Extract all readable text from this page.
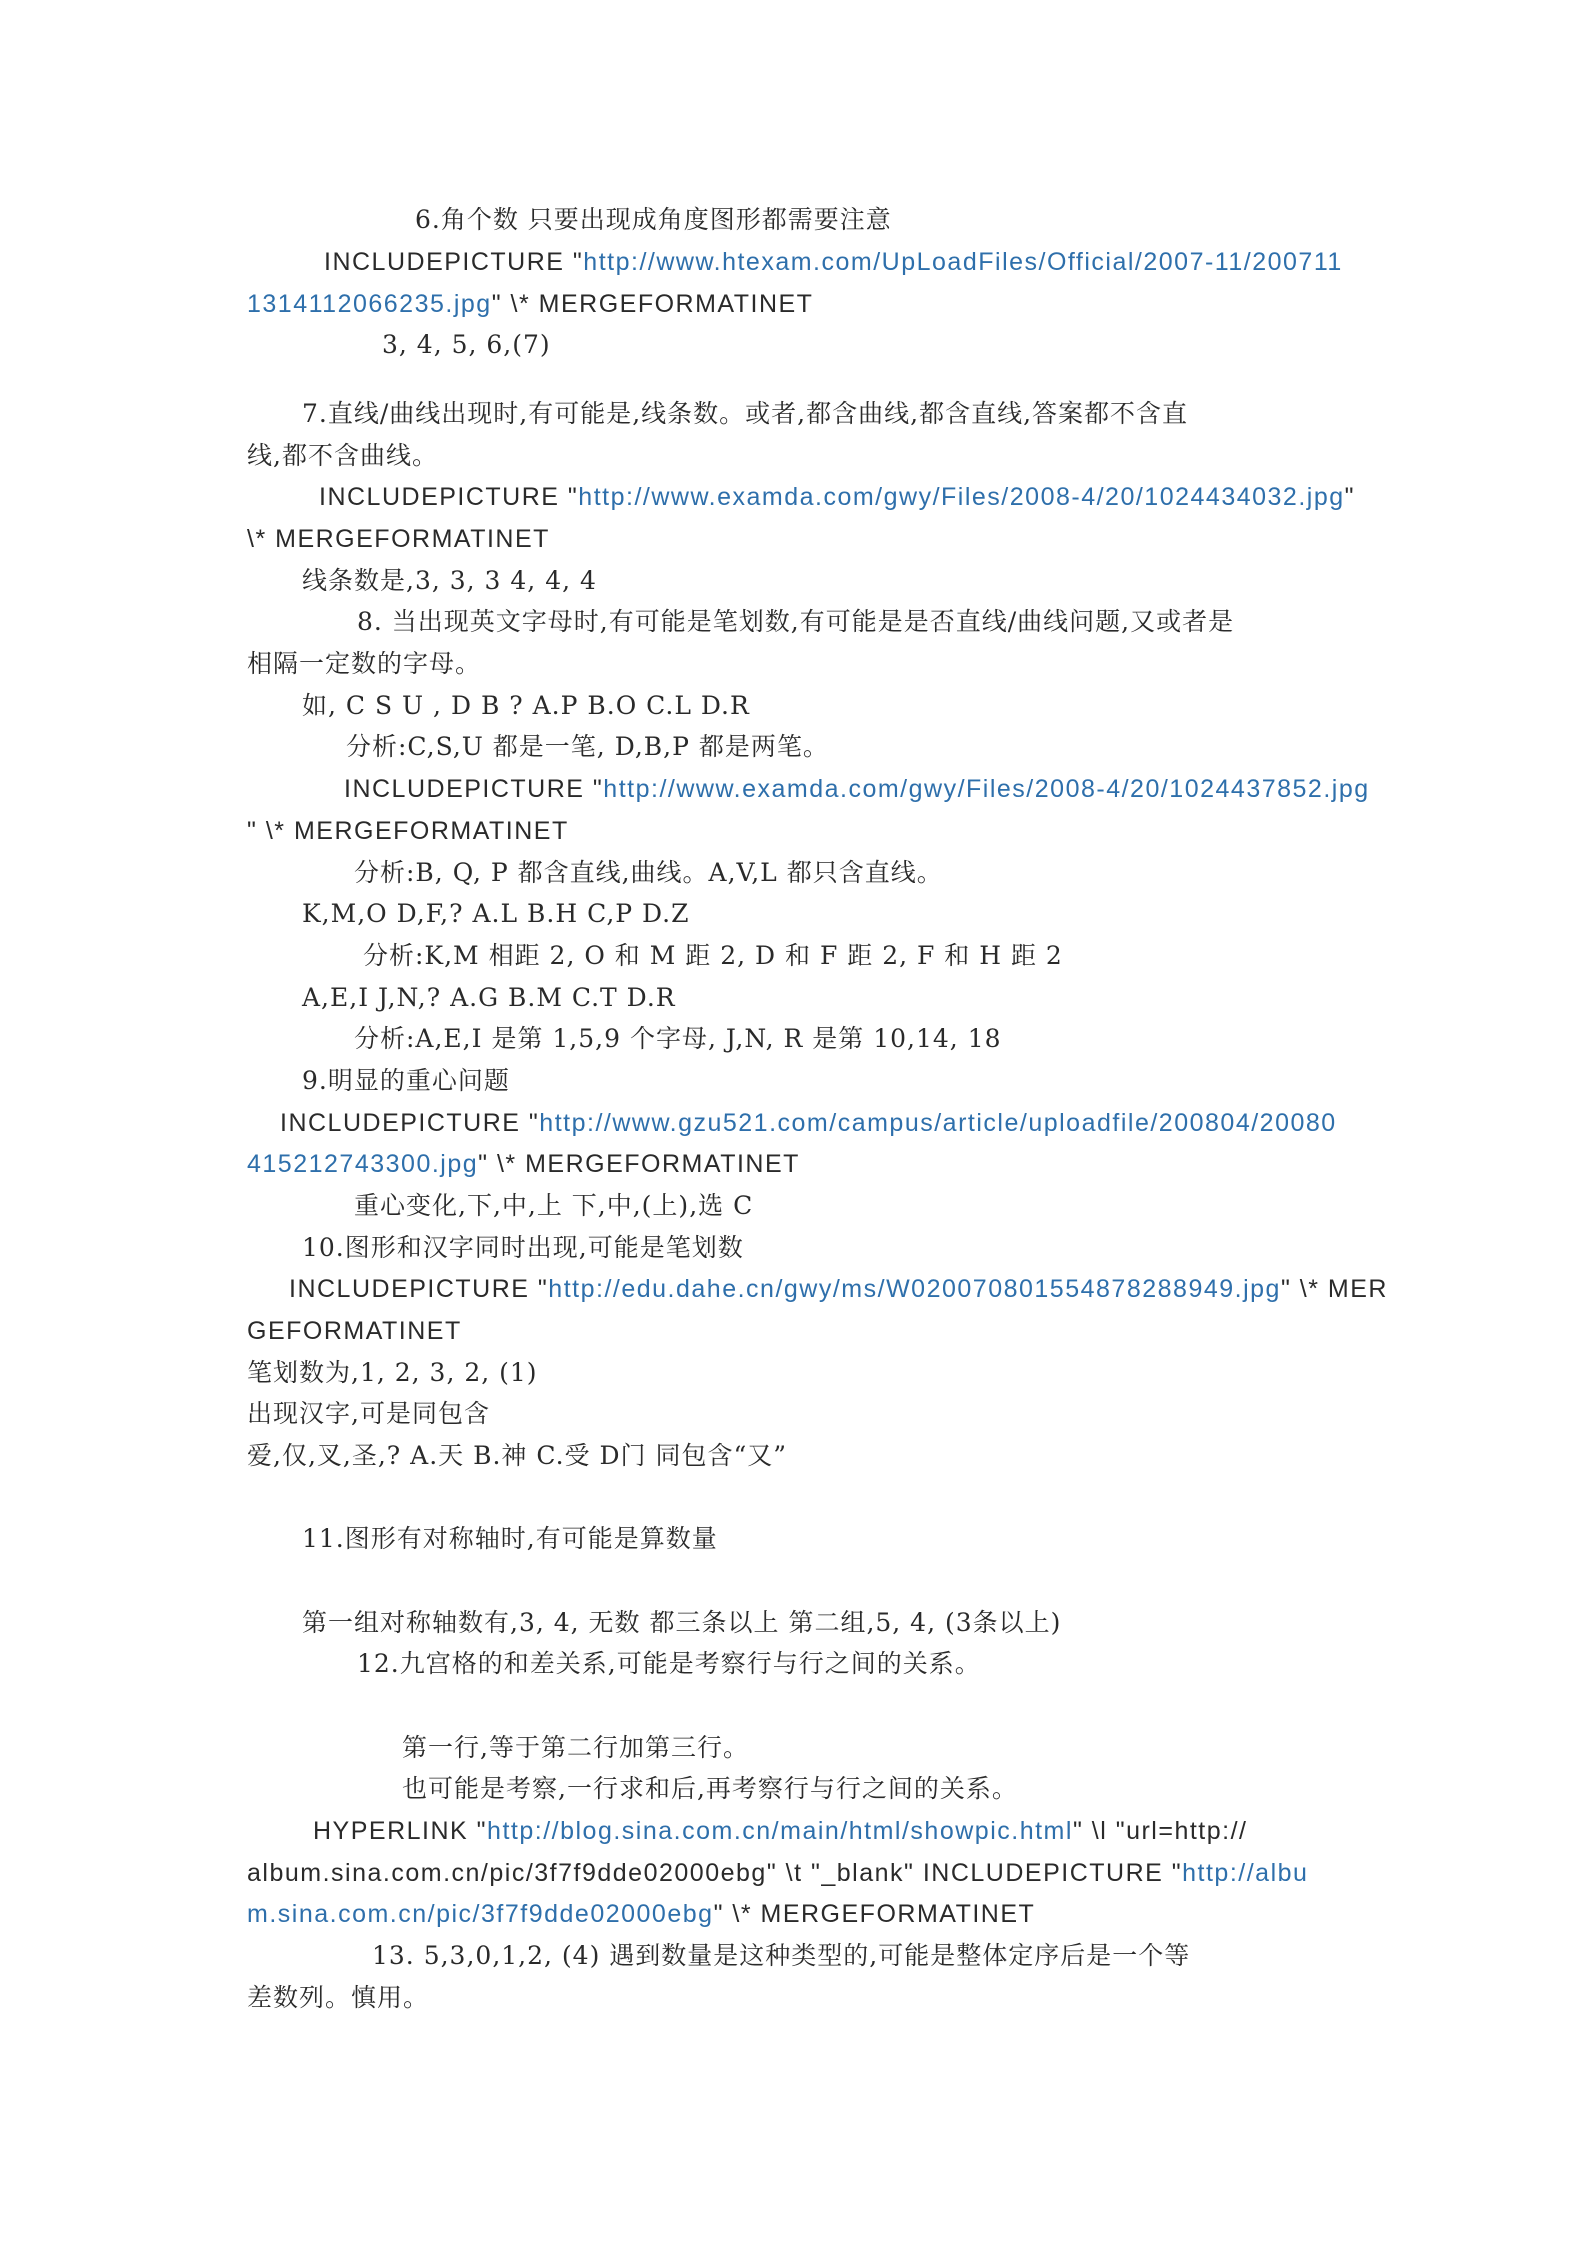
6.角个数 只要出现成角度图形都需要注意
INCLUDEPICTURE "http://www.htexam.com/UpLoadFiles/Official/2007-11/200711
1314112066235.jpg" \* MERGEFORMATINET
3, 4, 5, 6,(7)
7.直线/曲线出现时,有可能是,线条数。或者,都含曲线,都含直线,答案都不含直
线,都不含曲线。
INCLUDEPICTURE "http://www.examda.com/gwy/Files/2008-4/20/1024434032.jpg"
\* MERGEFORMATINET
线条数是,3, 3, 3 4, 4, 4
8. 当出现英文字母时,有可能是笔划数,有可能是是否直线/曲线问题,又或者是
相隔一定数的字母。
如, C S U , D B ? A.P B.O C.L D.R
分析:C,S,U 都是一笔, D,B,P 都是两笔。
INCLUDEPICTURE "http://www.examda.com/gwy/Files/2008-4/20/1024437852.jpg
" \* MERGEFORMATINET
分析:B, Q, P 都含直线,曲线。A,V,L 都只含直线。
K,M,O D,F,? A.L B.H C,P D.Z
分析:K,M 相距 2, O 和 M 距 2, D 和 F 距 2, F 和 H 距 2
A,E,I J,N,? A.G B.M C.T D.R
分析:A,E,I 是第 1,5,9 个字母, J,N, R 是第 10,14, 18
9.明显的重心问题
INCLUDEPICTURE "http://www.gzu521.com/campus/article/uploadfile/200804/20080
415212743300.jpg" \* MERGEFORMATINET
重心变化,下,中,上 下,中,(上),选 C
10.图形和汉字同时出现,可能是笔划数
INCLUDEPICTURE "http://edu.dahe.cn/gwy/ms/W020070801554878288949.jpg" \* MER
GEFORMATINET
笔划数为,1, 2, 3, 2, (1)
出现汉字,可是同包含
爱,仅,叉,圣,? A.天 B.神 C.受 D门 同包含“又”
11.图形有对称轴时,有可能是算数量
第一组对称轴数有,3, 4, 无数 都三条以上 第二组,5, 4, (3条以上)
12.九宫格的和差关系,可能是考察行与行之间的关系。
第一行,等于第二行加第三行。
也可能是考察,一行求和后,再考察行与行之间的关系。
HYPERLINK "http://blog.sina.com.cn/main/html/showpic.html" \l "url=http://
album.sina.com.cn/pic/3f7f9dde02000ebg" \t "_blank" INCLUDEPICTURE "http://albu
m.sina.com.cn/pic/3f7f9dde02000ebg" \* MERGEFORMATINET
13. 5,3,0,1,2, (4) 遇到数量是这种类型的,可能是整体定序后是一个等
差数列。慎用。
